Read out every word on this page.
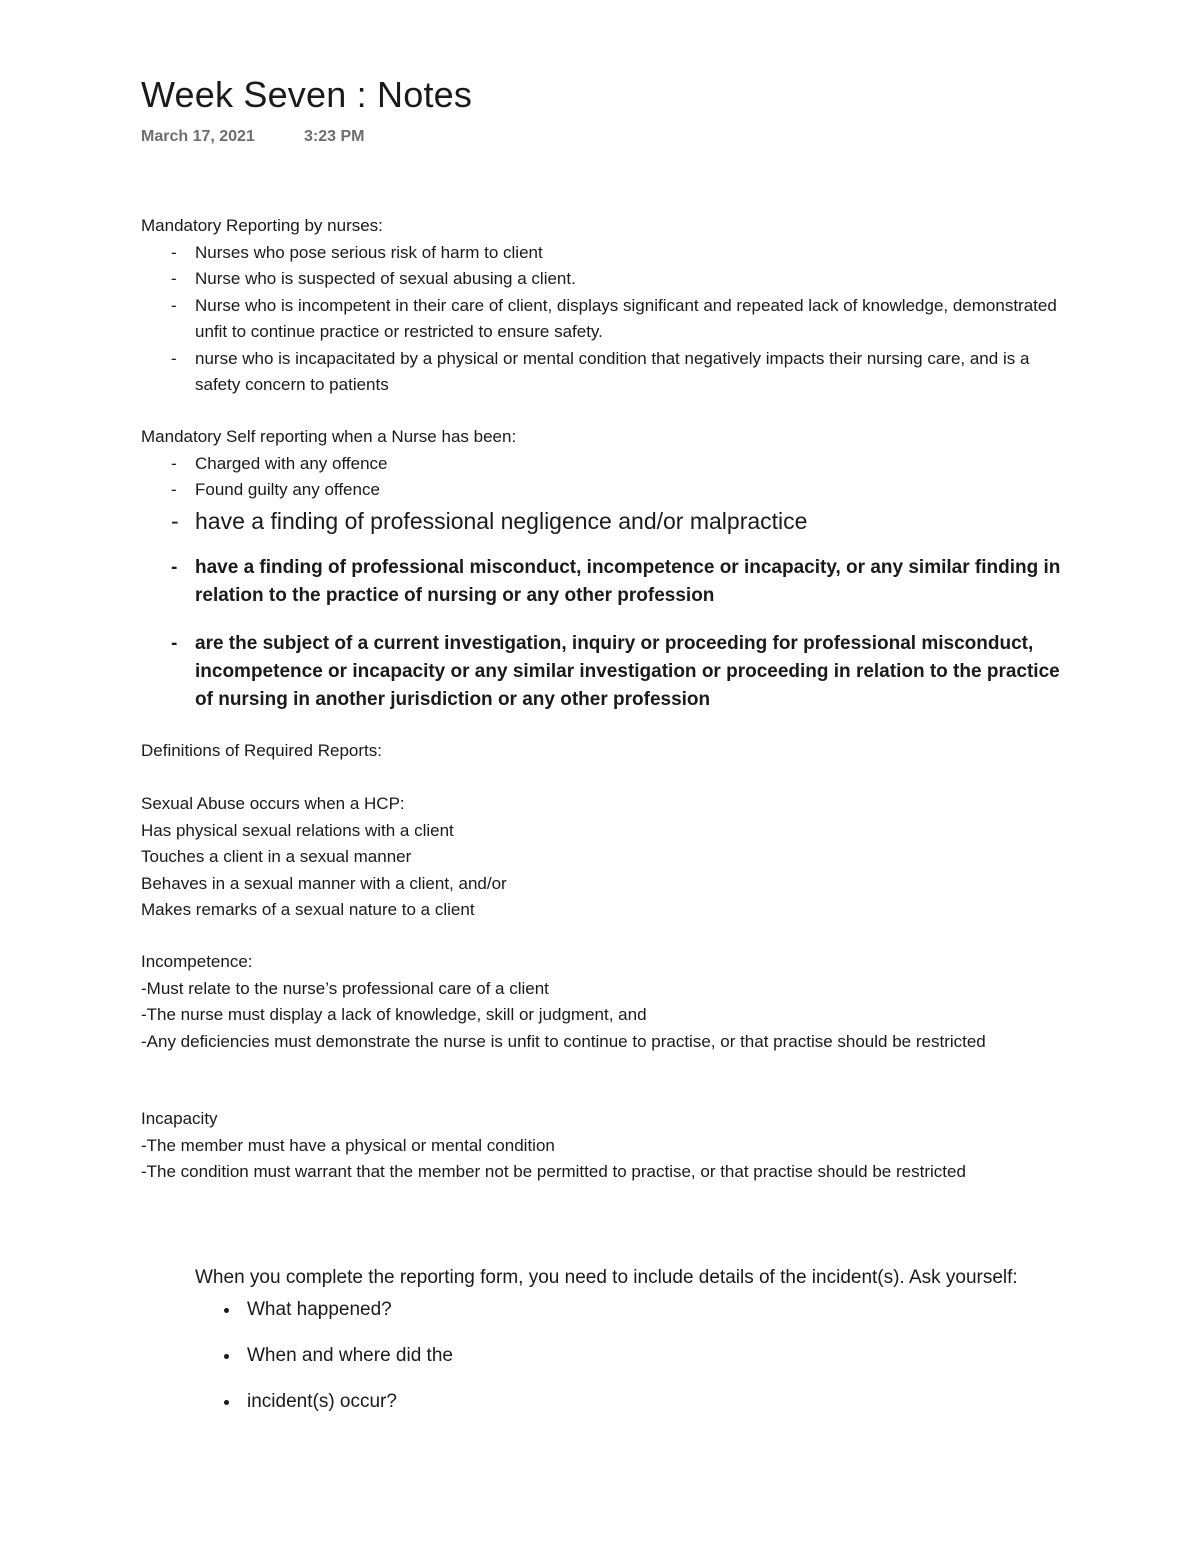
Week Seven : Notes
March 17, 2021	3:23 PM

Mandatory Reporting by nurses:

- Nurses who pose serious risk of harm to client
- Nurse who is suspected of sexual abusing a client.
- Nurse who is incompetent in their care of client, displays significant and repeated lack of knowledge, demonstrated unfit to continue practice or restricted to ensure safety.
- nurse who is incapacitated by a physical or mental condition that negatively impacts their nursing care, and is a safety concern to patients

Mandatory Self reporting when a Nurse has been:

- Charged with any offence
- Found guilty any offence
- have a finding of professional negligence and/or malpractice
- have a finding of professional misconduct, incompetence or incapacity, or any similar finding in relation to the practice of nursing or any other profession
- are the subject of a current investigation, inquiry or proceeding for professional misconduct, incompetence or incapacity or any similar investigation or proceeding in relation to the practice of nursing in another jurisdiction or any other profession

Definitions of Required Reports:

Sexual Abuse occurs when a HCP:

Has physical sexual relations with a client

Touches a client in a sexual manner

Behaves in a sexual manner with a client, and/or

Makes remarks of a sexual nature to a client

Incompetence:

-Must relate to the nurse’s professional care of a client

-The nurse must display a lack of knowledge, skill or judgment, and

-Any deficiencies must demonstrate the nurse is unfit to continue to practise, or that practise should be restricted

Incapacity

-The member must have a physical or mental condition

-The condition must warrant that the member not be permitted to practise, or that practise should be restricted

When you complete the reporting form, you need to include details of the incident(s). Ask yourself:

What happened?
When and where did the
incident(s) occur?
